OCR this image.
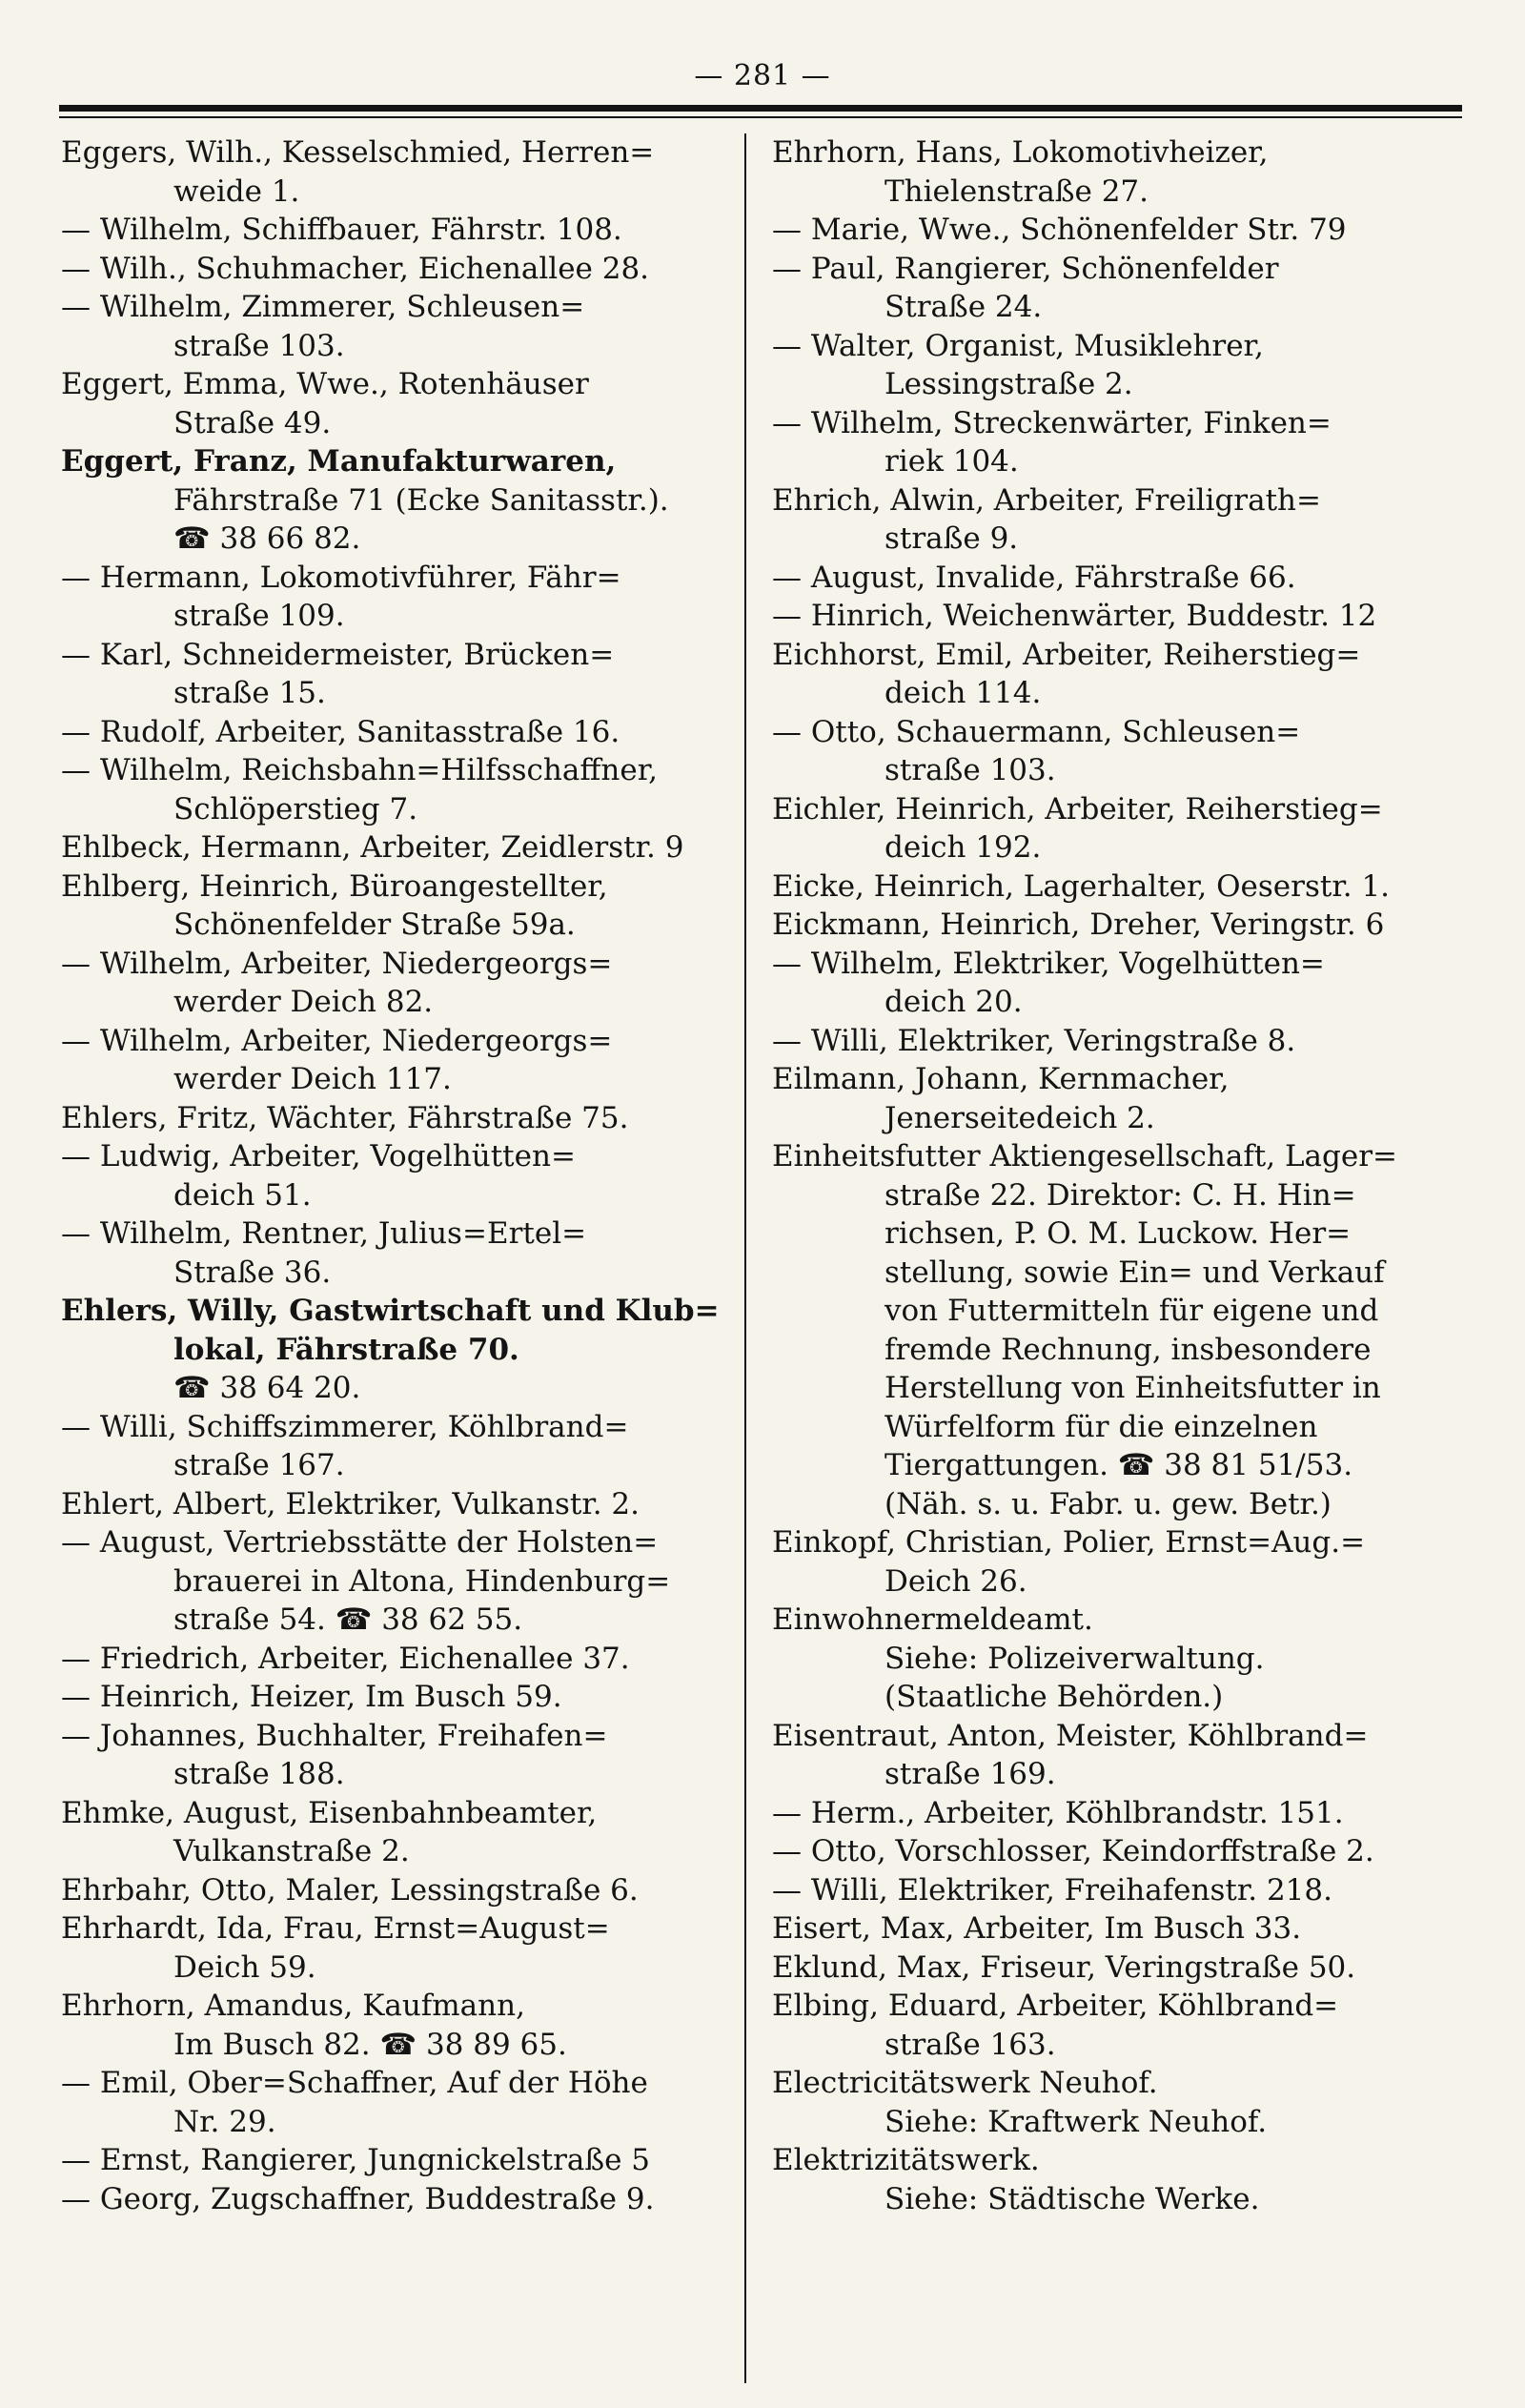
— 281 —
Eggers, Wilh., Kesselschmied, Herren=
weide 1.
— Wilhelm, Schiffbauer, Fährstr. 108.
— Wilh., Schuhmacher, Eichenallee 28.
— Wilhelm, Zimmerer, Schleusen=
straße 103.
Eggert, Emma, Wwe., Rotenhäuser
Straße 49.
Eggert, Franz, Manufakturwaren,
Fährstraße 71 (Ecke Sanitasstr.).
☎ 38 66 82.
— Hermann, Lokomotivführer, Fähr=
straße 109.
— Karl, Schneidermeister, Brücken=
straße 15.
— Rudolf, Arbeiter, Sanitasstraße 16.
— Wilhelm, Reichsbahn=Hilfsschaffner,
Schlöperstieg 7.
Ehlbeck, Hermann, Arbeiter, Zeidlerstr. 9
Ehlberg, Heinrich, Büroangestellter,
Schönenfelder Straße 59a.
— Wilhelm, Arbeiter, Niedergeorgs=
werder Deich 82.
— Wilhelm, Arbeiter, Niedergeorgs=
werder Deich 117.
Ehlers, Fritz, Wächter, Fährstraße 75.
— Ludwig, Arbeiter, Vogelhütten=
deich 51.
— Wilhelm, Rentner, Julius=Ertel=
Straße 36.
Ehlers, Willy, Gastwirtschaft und Klub=
lokal, Fährstraße 70.
☎ 38 64 20.
— Willi, Schiffszimmerer, Köhlbrand=
straße 167.
Ehlert, Albert, Elektriker, Vulkanstr. 2.
— August, Vertriebsstätte der Holsten=
brauerei in Altona, Hindenburg=
straße 54. ☎ 38 62 55.
— Friedrich, Arbeiter, Eichenallee 37.
— Heinrich, Heizer, Im Busch 59.
— Johannes, Buchhalter, Freihafen=
straße 188.
Ehmke, August, Eisenbahnbeamter,
Vulkanstraße 2.
Ehrbahr, Otto, Maler, Lessingstraße 6.
Ehrhardt, Ida, Frau, Ernst=August=
Deich 59.
Ehrhorn, Amandus, Kaufmann,
Im Busch 82. ☎ 38 89 65.
— Emil, Ober=Schaffner, Auf der Höhe
Nr. 29.
— Ernst, Rangierer, Jungnickelstraße 5
— Georg, Zugschaffner, Buddestraße 9.
Ehrhorn, Hans, Lokomotivheizer,
Thielenstraße 27.
— Marie, Wwe., Schönenfelder Str. 79
— Paul, Rangierer, Schönenfelder
Straße 24.
— Walter, Organist, Musiklehrer,
Lessingstraße 2.
— Wilhelm, Streckenwärter, Finken=
riek 104.
Ehrich, Alwin, Arbeiter, Freiligrath=
straße 9.
— August, Invalide, Fährstraße 66.
— Hinrich, Weichenwärter, Buddestr. 12
Eichhorst, Emil, Arbeiter, Reiherstieg=
deich 114.
— Otto, Schauermann, Schleusen=
straße 103.
Eichler, Heinrich, Arbeiter, Reiherstieg=
deich 192.
Eicke, Heinrich, Lagerhalter, Oeserstr. 1.
Eickmann, Heinrich, Dreher, Veringstr. 6
— Wilhelm, Elektriker, Vogelhütten=
deich 20.
— Willi, Elektriker, Veringstraße 8.
Eilmann, Johann, Kernmacher,
Jenerseitedeich 2.
Einheitsfutter Aktiengesellschaft, Lager=
straße 22. Direktor: C. H. Hin=
richsen, P. O. M. Luckow. Her=
stellung, sowie Ein= und Verkauf
von Futtermitteln für eigene und
fremde Rechnung, insbesondere
Herstellung von Einheitsfutter in
Würfelform für die einzelnen
Tiergattungen. ☎ 38 81 51/53.
(Näh. s. u. Fabr. u. gew. Betr.)
Einkopf, Christian, Polier, Ernst=Aug.=
Deich 26.
Einwohnermeldeamt.
Siehe: Polizeiverwaltung.
(Staatliche Behörden.)
Eisentraut, Anton, Meister, Köhlbrand=
straße 169.
— Herm., Arbeiter, Köhlbrandstr. 151.
— Otto, Vorschlosser, Keindorffstraße 2.
— Willi, Elektriker, Freihafenstr. 218.
Eisert, Max, Arbeiter, Im Busch 33.
Eklund, Max, Friseur, Veringstraße 50.
Elbing, Eduard, Arbeiter, Köhlbrand=
straße 163.
Electricitätswerk Neuhof.
Siehe: Kraftwerk Neuhof.
Elektrizitätswerk.
Siehe: Städtische Werke.
